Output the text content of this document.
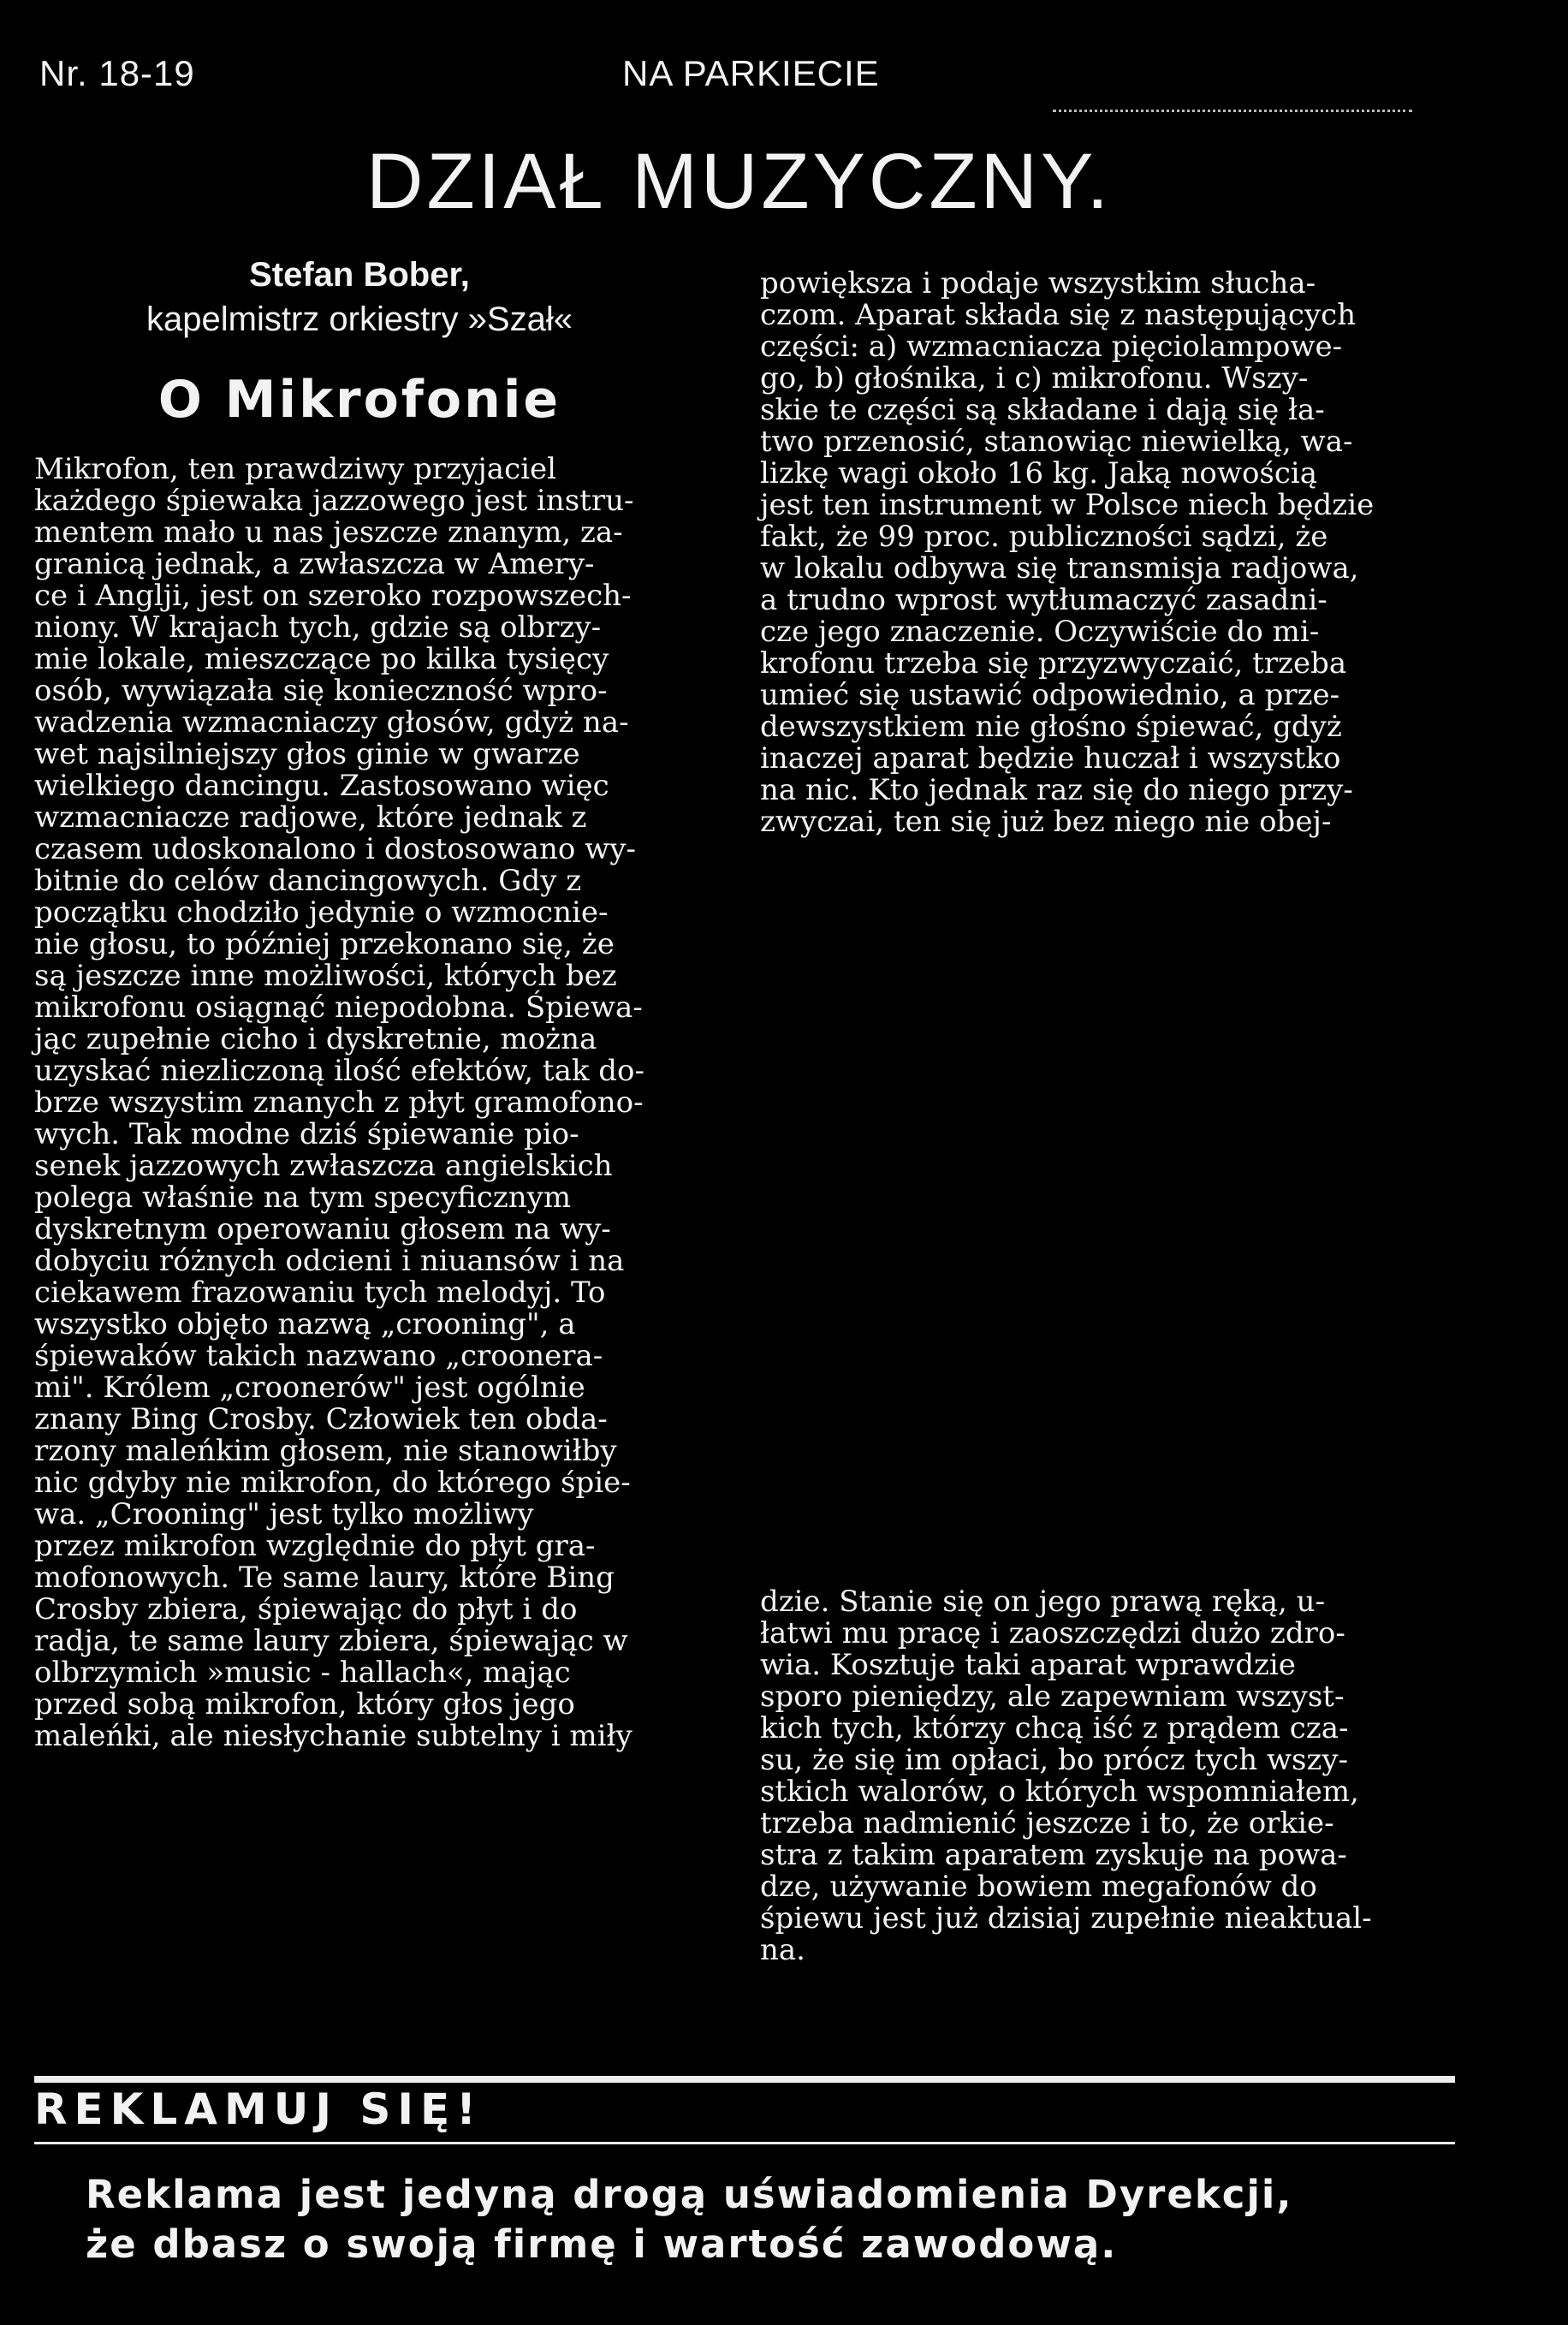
Nr. 18-19	NA PARKIECIE
DZIAŁ MUZYCZNY.
Stefan Bober,
kapelmistrz orkiestry »Szał«
O Mikrofonie
Mikrofon, ten prawdziwy przyjaciel
każdego śpiewaka jazzowego jest instru-
mentem mało u nas jeszcze znanym, za-
granicą jednak, a zwłaszcza w Amery-
ce i Anglji, jest on szeroko rozpowszech-
niony. W krajach tych, gdzie są olbrzy-
mie lokale, mieszczące po kilka tysięcy
osób, wywiązała się konieczność wpro-
wadzenia wzmacniaczy głosów, gdyż na-
wet najsilniejszy głos ginie w gwarze
wielkiego dancingu. Zastosowano więc
wzmacniacze radjowe, które jednak z
czasem udoskonalono i dostosowano wy-
bitnie do celów dancingowych. Gdy z
początku chodziło jedynie o wzmocnie-
nie głosu, to później przekonano się, że
są jeszcze inne możliwości, których bez
mikrofonu osiągnąć niepodobna. Śpiewa-
jąc zupełnie cicho i dyskretnie, można
uzyskać niezliczoną ilość efektów, tak do-
brze wszystim znanych z płyt gramofono-
wych. Tak modne dziś śpiewanie pio-
senek jazzowych zwłaszcza angielskich
polega właśnie na tym specyficznym
dyskretnym operowaniu głosem na wy-
dobyciu różnych odcieni i niuansów i na
ciekawem frazowaniu tych melodyj. To
wszystko objęto nazwą „crooning", a
śpiewaków takich nazwano „croonera-
mi". Królem „croonerów" jest ogólnie
znany Bing Crosby. Człowiek ten obda-
rzony maleńkim głosem, nie stanowiłby
nic gdyby nie mikrofon, do którego śpie-
wa. „Crooning" jest tylko możliwy
przez mikrofon względnie do płyt gra-
mofonowych. Te same laury, które Bing
Crosby zbiera, śpiewając do płyt i do
radja, te same laury zbiera, śpiewając w
olbrzymich »music - hallach«, mając
przed sobą mikrofon, który głos jego
maleńki, ale niesłychanie subtelny i miły
powiększa i podaje wszystkim słucha-
czom. Aparat składa się z następujących
części: a) wzmacniacza pięciolampowe-
go, b) głośnika, i c) mikrofonu. Wszy-
skie te części są składane i dają się ła-
two przenosić, stanowiąc niewielką, wa-
lizkę wagi około 16 kg. Jaką nowością
jest ten instrument w Polsce niech będzie
fakt, że 99 proc. publiczności sądzi, że
w lokalu odbywa się transmisja radjowa,
a trudno wprost wytłumaczyć zasadni-
cze jego znaczenie. Oczywiście do mi-
krofonu trzeba się przyzwyczaić, trzeba
umieć się ustawić odpowiednio, a prze-
dewszystkiem nie głośno śpiewać, gdyż
inaczej aparat będzie huczał i wszystko
na nic. Kto jednak raz się do niego przy-
zwyczai, ten się już bez niego nie obej-
dzie. Stanie się on jego prawą ręką, u-
łatwi mu pracę i zaoszczędzi dużo zdro-
wia. Kosztuje taki aparat wprawdzie
sporo pieniędzy, ale zapewniam wszyst-
kich tych, którzy chcą iść z prądem cza-
su, że się im opłaci, bo prócz tych wszy-
stkich walorów, o których wspomniałem,
trzeba nadmienić jeszcze i to, że orkie-
stra z takim aparatem zyskuje na powa-
dze, używanie bowiem megafonów do
śpiewu jest już dzisiaj zupełnie nieaktual-
na.
REKLAMUJ SIĘ!
Reklama jest jedyną drogą uświadomienia Dyrekcji,
że dbasz o swoją firmę i wartość zawodową.
